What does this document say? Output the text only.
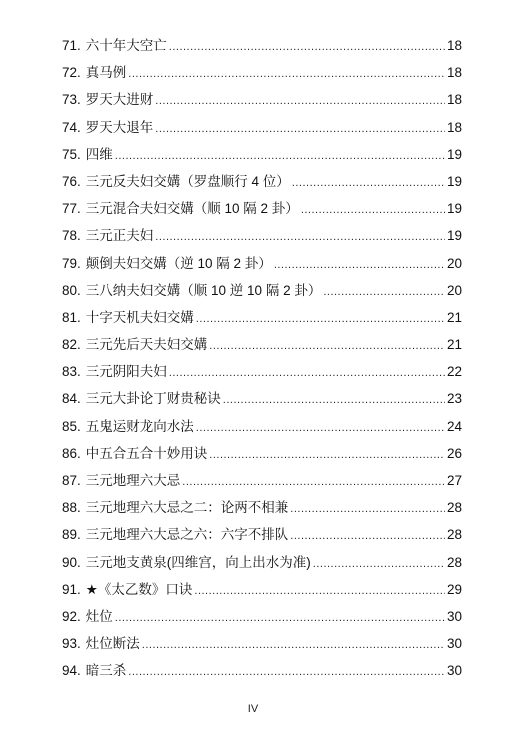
71. 六十年大空亡 .....	18
72. 真马例 .....	18
73. 罗天大进财 .....	18
74. 罗天大退年 .....	18
75. 四维 .....	19
76. 三元反夫妇交媾（罗盘顺行 4 位） .....	19
77. 三元混合夫妇交媾（顺 10 隔 2 卦） .....	19
78. 三元正夫妇 .....	19
79. 颠倒夫妇交媾（逆 10 隔 2 卦） .....	20
80. 三八纳夫妇交媾（顺 10 逆 10 隔 2 卦） .....	20
81. 十字天机夫妇交媾 .....	21
82. 三元先后天夫妇交媾 .....	21
83. 三元阴阳夫妇 .....	22
84. 三元大卦论丁财贵秘诀 .....	23
85. 五鬼运财龙向水法 .....	24
86. 中五合五合十妙用诀 .....	26
87. 三元地理六大忌 .....	27
88. 三元地理六大忌之二：论两不相兼 .....	28
89. 三元地理六大忌之六：六字不排队 .....	28
90. 三元地支黄泉(四维宫，向上出水为准) .....	28
91. ★《太乙数》口诀 .....	29
92. 灶位 .....	30
93. 灶位断法 .....	30
94. 暗三杀 .....	30
IV
